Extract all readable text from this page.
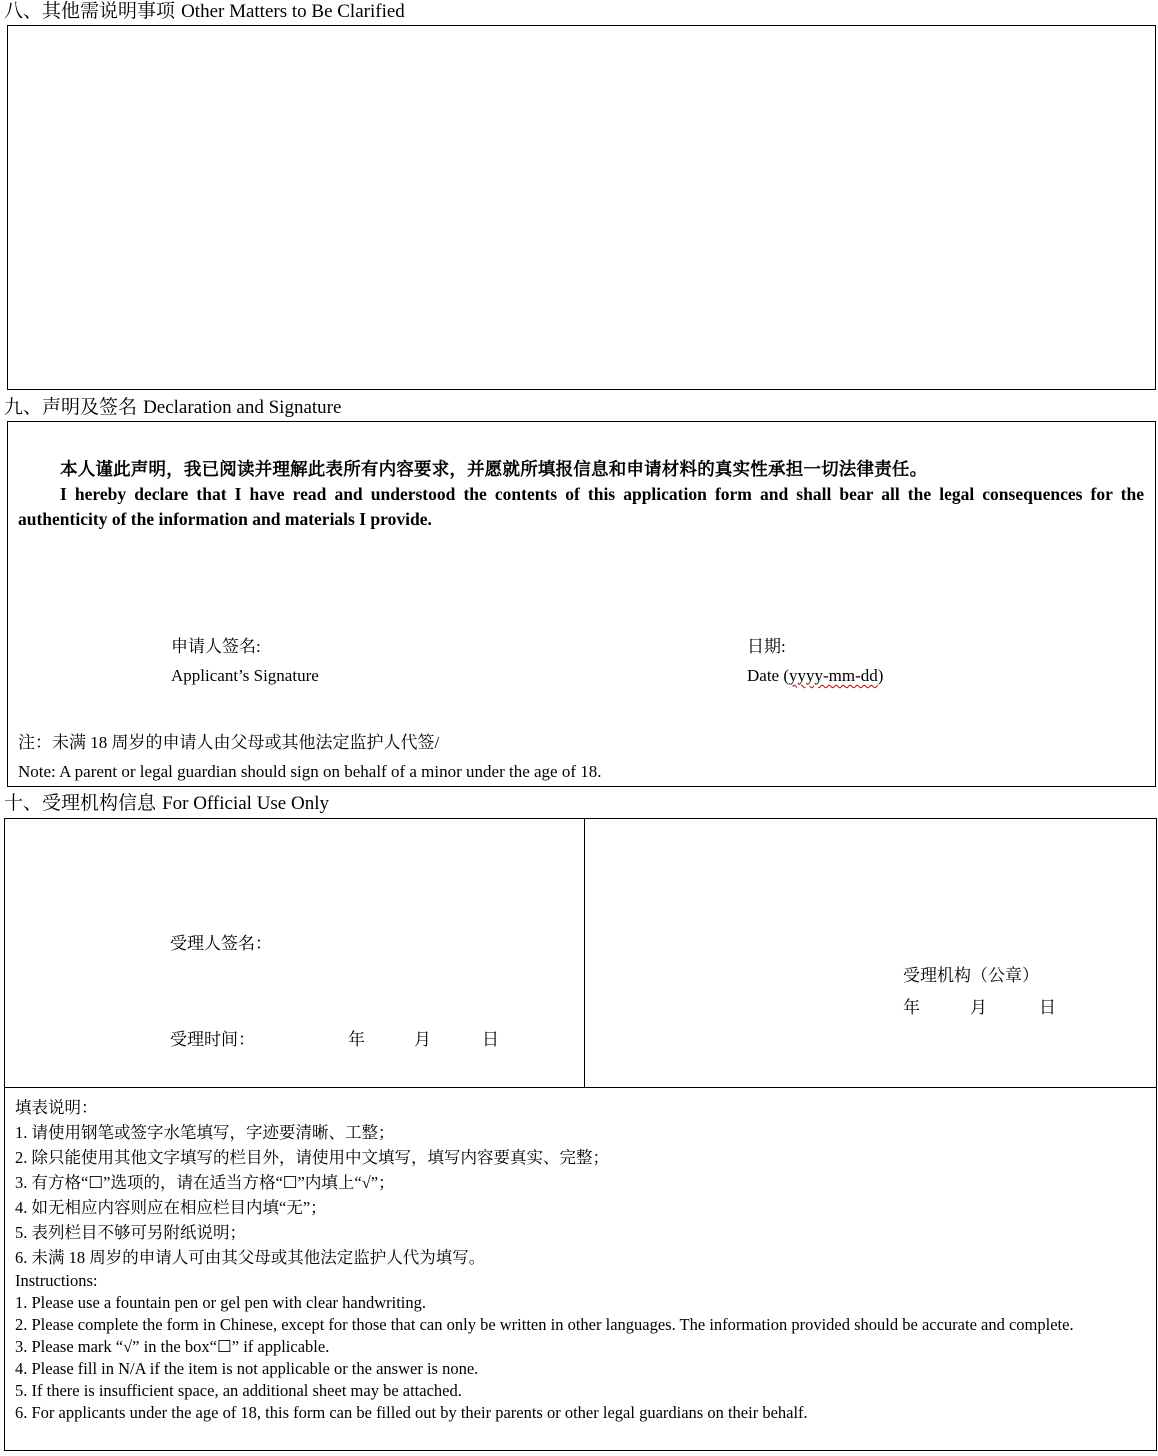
八、其他需说明事项 Other Matters to Be Clarified
九、声明及签名 Declaration and Signature
本人谨此声明，我已阅读并理解此表所有内容要求，并愿就所填报信息和申请材料的真实性承担一切法律责任。
I hereby declare that I have read and understood the contents of this application form and shall bear all the legal consequences for the authenticity of the information and materials I provide.
申请人签名:
Applicant’s Signature
日期:
Date (yyyy-mm-dd)
注：未满 18 周岁的申请人由父母或其他法定监护人代签/
Note: A parent or legal guardian should sign on behalf of a minor under the age of 18.
十、受理机构信息 For Official Use Only
受理人签名：
受理时间：	年	月	日
受理机构（公章）
年	月	日
填表说明：
1. 请使用钢笔或签字水笔填写，字迹要清晰、工整；
2. 除只能使用其他文字填写的栏目外，请使用中文填写，填写内容要真实、完整；
3. 有方格“☐”选项的，请在适当方格“☐”内填上“√”；
4. 如无相应内容则应在相应栏目内填“无”；
5. 表列栏目不够可另附纸说明；
6. 未满 18 周岁的申请人可由其父母或其他法定监护人代为填写。
Instructions:
1. Please use a fountain pen or gel pen with clear handwriting.
2. Please complete the form in Chinese, except for those that can only be written in other languages. The information provided should be accurate and complete.
3. Please mark “√” in the box“☐” if applicable.
4. Please fill in N/A if the item is not applicable or the answer is none.
5. If there is insufficient space, an additional sheet may be attached.
6. For applicants under the age of 18, this form can be filled out by their parents or other legal guardians on their behalf.
